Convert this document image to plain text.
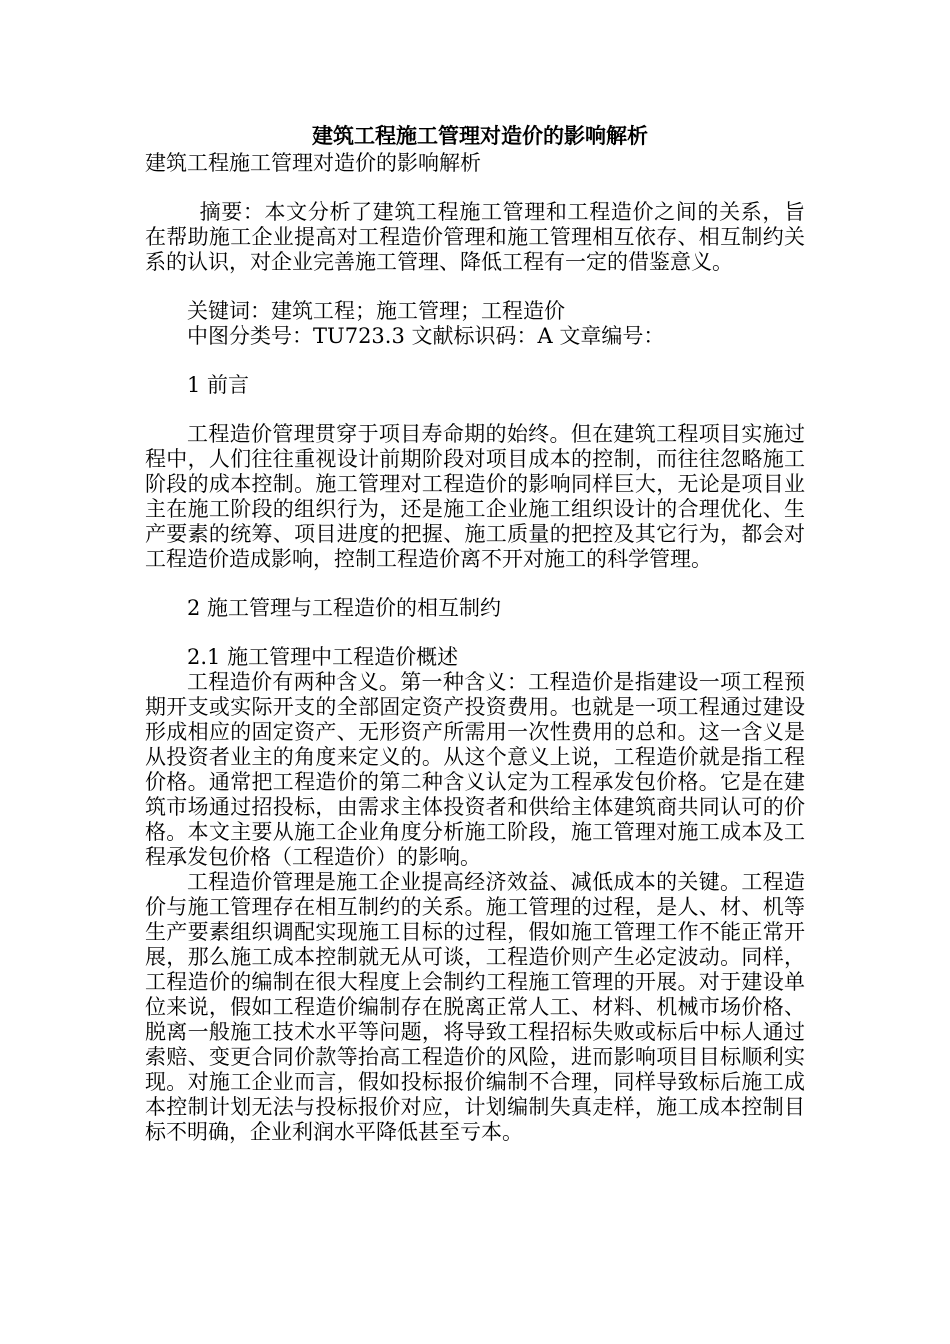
建筑工程施工管理对造价的影响解析

建筑工程施工管理对造价的影响解析

摘要：本文分析了建筑工程施工管理和工程造价之间的关系，旨在帮助施工企业提高对工程造价管理和施工管理相互依存、相互制约关系的认识，对企业完善施工管理、降低工程有一定的借鉴意义。

关键词：建筑工程；施工管理；工程造价

中图分类号：TU723.3 文献标识码：A 文章编号：

1 前言

工程造价管理贯穿于项目寿命期的始终。但在建筑工程项目实施过程中，人们往往重视设计前期阶段对项目成本的控制，而往往忽略施工阶段的成本控制。施工管理对工程造价的影响同样巨大，无论是项目业主在施工阶段的组织行为，还是施工企业施工组织设计的合理优化、生产要素的统筹、项目进度的把握、施工质量的把控及其它行为，都会对工程造价造成影响，控制工程造价离不开对施工的科学管理。

2 施工管理与工程造价的相互制约

2.1 施工管理中工程造价概述

工程造价有两种含义。第一种含义：工程造价是指建设一项工程预期开支或实际开支的全部固定资产投资费用。也就是一项工程通过建设形成相应的固定资产、无形资产所需用一次性费用的总和。这一含义是从投资者业主的角度来定义的。从这个意义上说，工程造价就是指工程价格。通常把工程造价的第二种含义认定为工程承发包价格。它是在建筑市场通过招投标，由需求主体投资者和供给主体建筑商共同认可的价格。本文主要从施工企业角度分析施工阶段，施工管理对施工成本及工程承发包价格（工程造价）的影响。

工程造价管理是施工企业提高经济效益、减低成本的关键。工程造价与施工管理存在相互制约的关系。施工管理的过程，是人、材、机等生产要素组织调配实现施工目标的过程，假如施工管理工作不能正常开展，那么施工成本控制就无从可谈，工程造价则产生必定波动。同样，工程造价的编制在很大程度上会制约工程施工管理的开展。对于建设单位来说，假如工程造价编制存在脱离正常人工、材料、机械市场价格、脱离一般施工技术水平等问题，将导致工程招标失败或标后中标人通过索赔、变更合同价款等抬高工程造价的风险，进而影响项目目标顺利实现。对施工企业而言，假如投标报价编制不合理，同样导致标后施工成本控制计划无法与投标报价对应，计划编制失真走样，施工成本控制目标不明确，企业利润水平降低甚至亏本。
